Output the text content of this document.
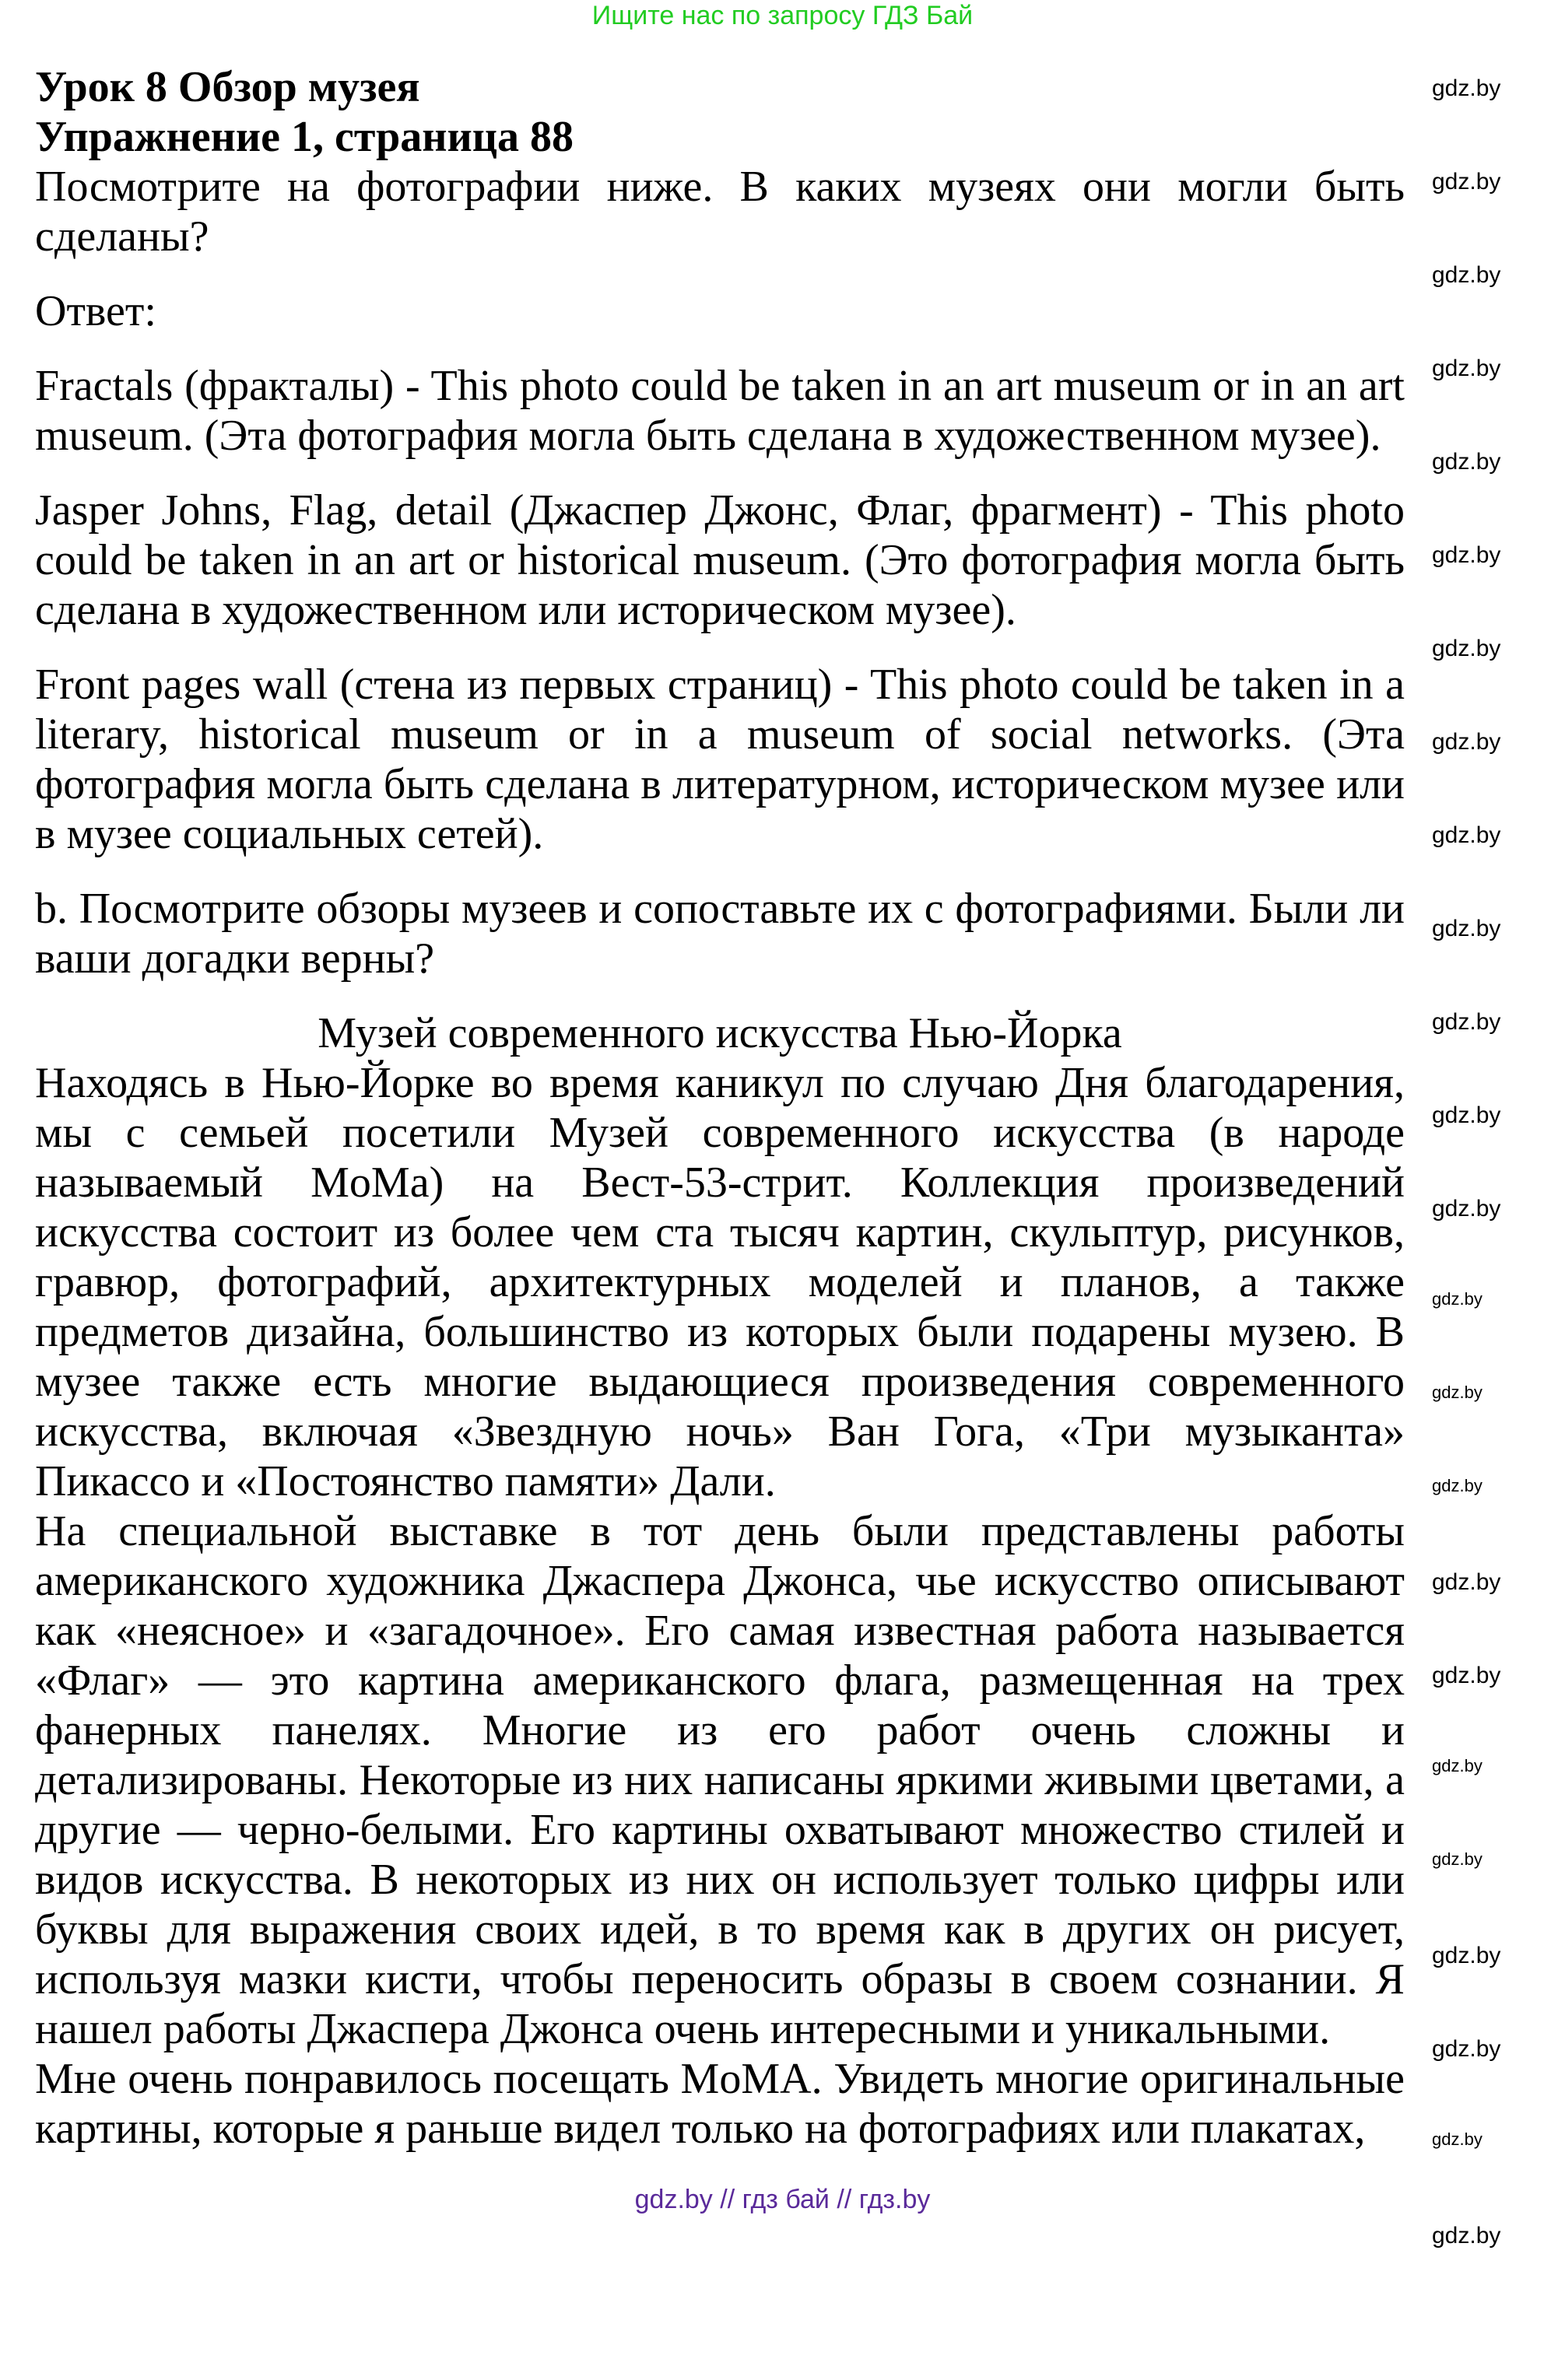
Ищите нас по запросу ГДЗ Бай
Урок 8 Обзор музея
Упражнение 1, страница 88

Посмотрите на фотографии ниже. В каких музеях они могли быть сделаны?

Ответ:

Fractals (фракталы) - This photo could be taken in an art museum or in an art museum. (Эта фотография могла быть сделана в художественном музее).

Jasper Johns, Flag, detail (Джаспер Джонс, Флаг, фрагмент) - This photo could be taken in an art or historical museum. (Это фотография могла быть сделана в художественном или историческом музее).

Front pages wall (стена из первых страниц) - This photo could be taken in a literary, historical museum or in a museum of social networks. (Эта фотография могла быть сделана в литературном, историческом музее или в музее социальных сетей).

b. Посмотрите обзоры музеев и сопоставьте их с фотографиями. Были ли ваши догадки верны?

Музей современного искусства Нью-Йорка

Находясь в Нью-Йорке во время каникул по случаю Дня благодарения, мы с семьей посетили Музей современного искусства (в народе называемый MoMa) на Вест-53-стрит. Коллекция произведений искусства состоит из более чем ста тысяч картин, скульптур, рисунков, гравюр, фотографий, архитектурных моделей и планов, а также предметов дизайна, большинство из которых были подарены музею. В музее также есть многие выдающиеся произведения современного искусства, включая «Звездную ночь» Ван Гога, «Три музыканта» Пикассо и «Постоянство памяти» Дали.

На специальной выставке в тот день были представлены работы американского художника Джаспера Джонса, чье искусство описывают как «неясное» и «загадочное». Его самая известная работа называется «Флаг» — это картина американского флага, размещенная на трех фанерных панелях. Многие из его работ очень сложны и детализированы. Некоторые из них написаны яркими живыми цветами, а другие — черно-белыми. Его картины охватывают множество стилей и видов искусства. В некоторых из них он использует только цифры или буквы для выражения своих идей, в то время как в других он рисует, используя мазки кисти, чтобы переносить образы в своем сознании. Я нашел работы Джаспера Джонса очень интересными и уникальными.

Мне очень понравилось посещать MoMA. Увидеть многие оригинальные картины, которые я раньше видел только на фотографиях или плакатах,

gdz.by
gdz.by
gdz.by
gdz.by
gdz.by
gdz.by
gdz.by
gdz.by
gdz.by
gdz.by
gdz.by
gdz.by
gdz.by
gdz.by
gdz.by
gdz.by
gdz.by
gdz.by
gdz.by
gdz.by
gdz.by
gdz.by
gdz.by
gdz.by
gdz.by // гдз бай // гдз.by
